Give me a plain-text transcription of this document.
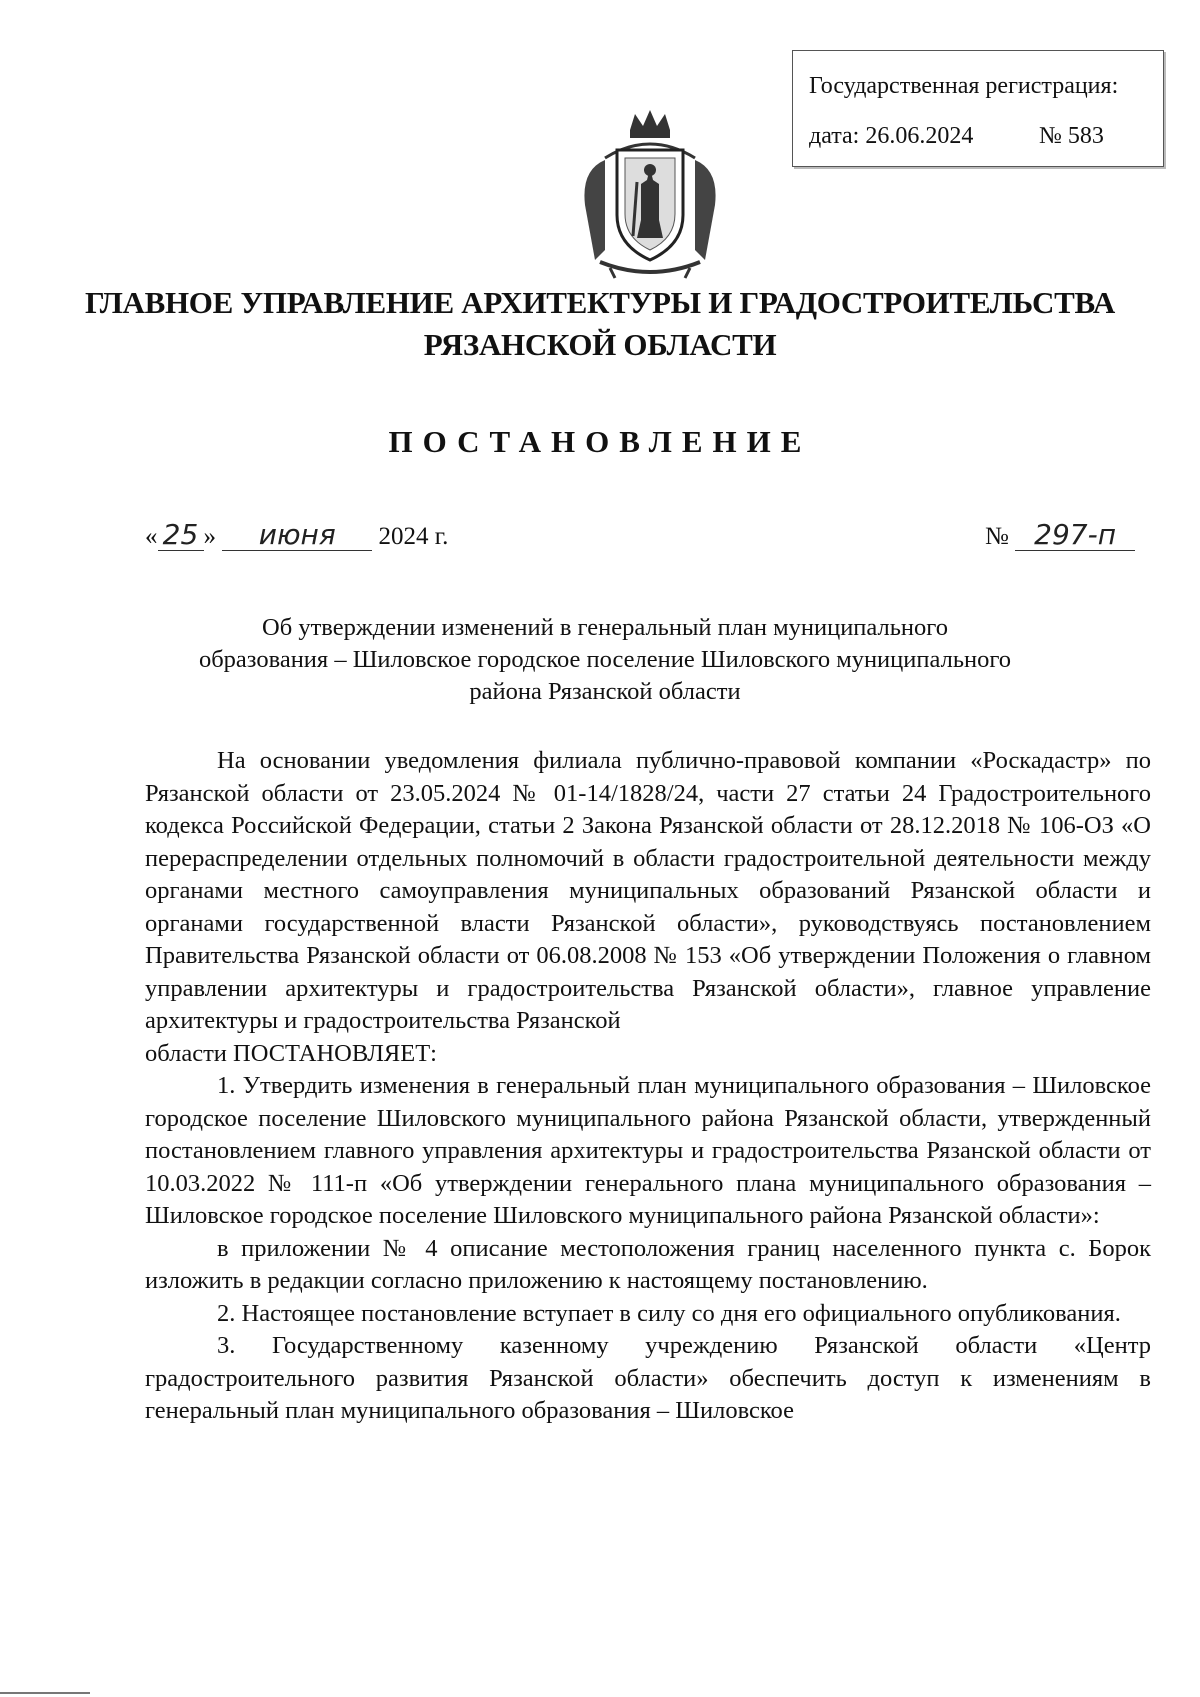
Государственная регистрация:
дата: 26.06.2024	№ 583
ГЛАВНОЕ УПРАВЛЕНИЕ АРХИТЕКТУРЫ И ГРАДОСТРОИТЕЛЬСТВА
РЯЗАНСКОЙ ОБЛАСТИ
ПОСТАНОВЛЕНИЕ
« 25 » июня 2024 г.	№ 297-п
Об утверждении изменений в генеральный план муниципального
образования – Шиловское городское поселение Шиловского муниципального
района Рязанской области

На основании уведомления филиала публично-правовой компании «Роскадастр» по Рязанской области от 23.05.2024 № 01-14/1828/24, части 27 статьи 24 Градостроительного кодекса Российской Федерации, статьи 2 Закона Рязанской области от 28.12.2018 № 106-ОЗ «О перераспределении отдельных полномочий в области градостроительной деятельности между органами местного самоуправления муниципальных образований Рязанской области и органами государственной власти Рязанской области», руководствуясь постановлением Правительства Рязанской области от 06.08.2008 № 153 «Об утверждении Положения о главном управлении архитектуры и градостроительства Рязанской области», главное управление архитектуры и градостроительства Рязанской

области ПОСТАНОВЛЯЕТ:

1. Утвердить изменения в генеральный план муниципального образования – Шиловское городское поселение Шиловского муниципального района Рязанской области, утвержденный постановлением главного управления архитектуры и градостроительства Рязанской области от 10.03.2022 № 111-п «Об утверждении генерального плана муниципального образования – Шиловское городское поселение Шиловского муниципального района Рязанской области»:

в приложении № 4 описание местоположения границ населенного пункта с. Борок изложить в редакции согласно приложению к настоящему постановлению.

2. Настоящее постановление вступает в силу со дня его официального опубликования.

3. Государственному казенному учреждению Рязанской области «Центр градостроительного развития Рязанской области» обеспечить доступ к изменениям в генеральный план муниципального образования – Шиловское
